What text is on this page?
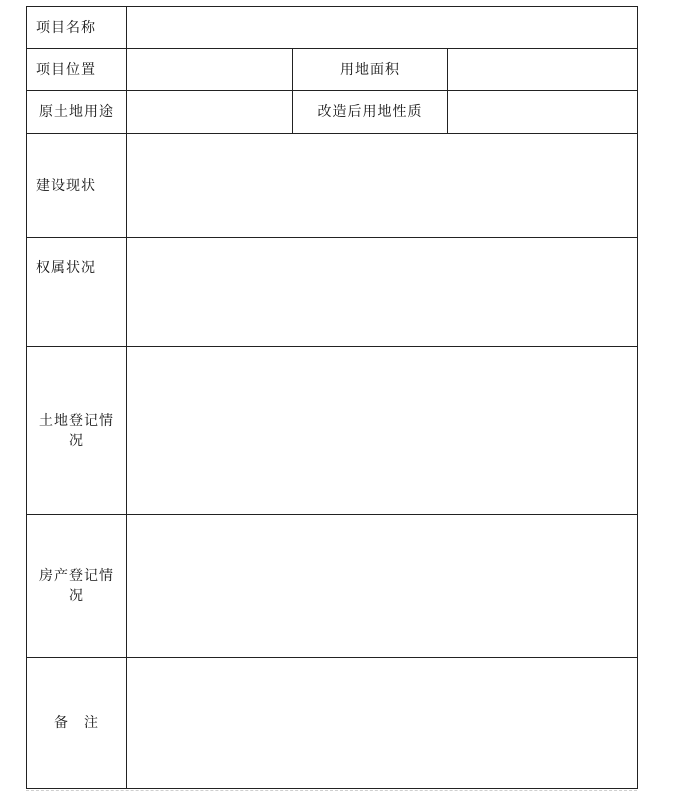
项目名称			
项目位置		用地面积	
原土地用途		改造后用地性质	
建设现状			
权属状况			
土地登记情况			
房产登记情况			
备　注			
